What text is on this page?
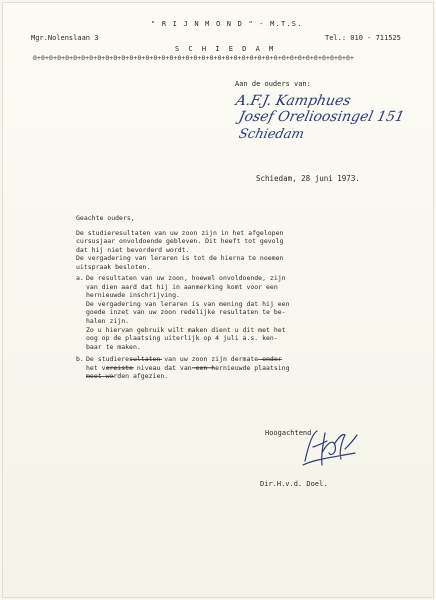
" R I J N M O N D " - M.T.S.
Mgr.Nolenslaan 3	Tel.: 010 - 711525
S C H I E D A M
0+0+0+0+0+0+0+0+0+0+0+0+0+0+0+0+0+0+0+0+0+0+0+0+0+0+0+0+0+0+0+0+0+0+0+0+0+0+0+0+
Aan de ouders van:
A.F.J. Kamphues
Josef Orelioosingel 151
Schiedam
Schiedam, 28 juni 1973.

Geachte ouders,

De studieresultaten van uw zoon zijn in het afgelopen
cursusjaar onvoldoende gebleven. Dit heeft tot gevolg
dat hij niet bevorderd wordt.
De vergadering van leraren is tot de hierna te noemen
uitspraak besloten.

a. De resultaten van uw zoon, hoewel onvoldoende, zijn
van dien aard dat hij in aanmerking komt voor een
hernieuwde inschrijving.
De vergadering van leraren is van mening dat hij een
goede inzet van uw zoon redelijke resultaten te be-
halen zijn.
Zo u hiervan gebruik wilt maken dient u dit met het
oog op de plaatsing uiterlijk op 4 juli a.s. ken-
baar te maken.
b. De studieresultaten van uw zoon zijn dermate onder
het vereiste niveau dat van een hernieuwde plaatsing
moet worden afgezien.
Hoogachtend,
Dir.H.v.d. Doel.
